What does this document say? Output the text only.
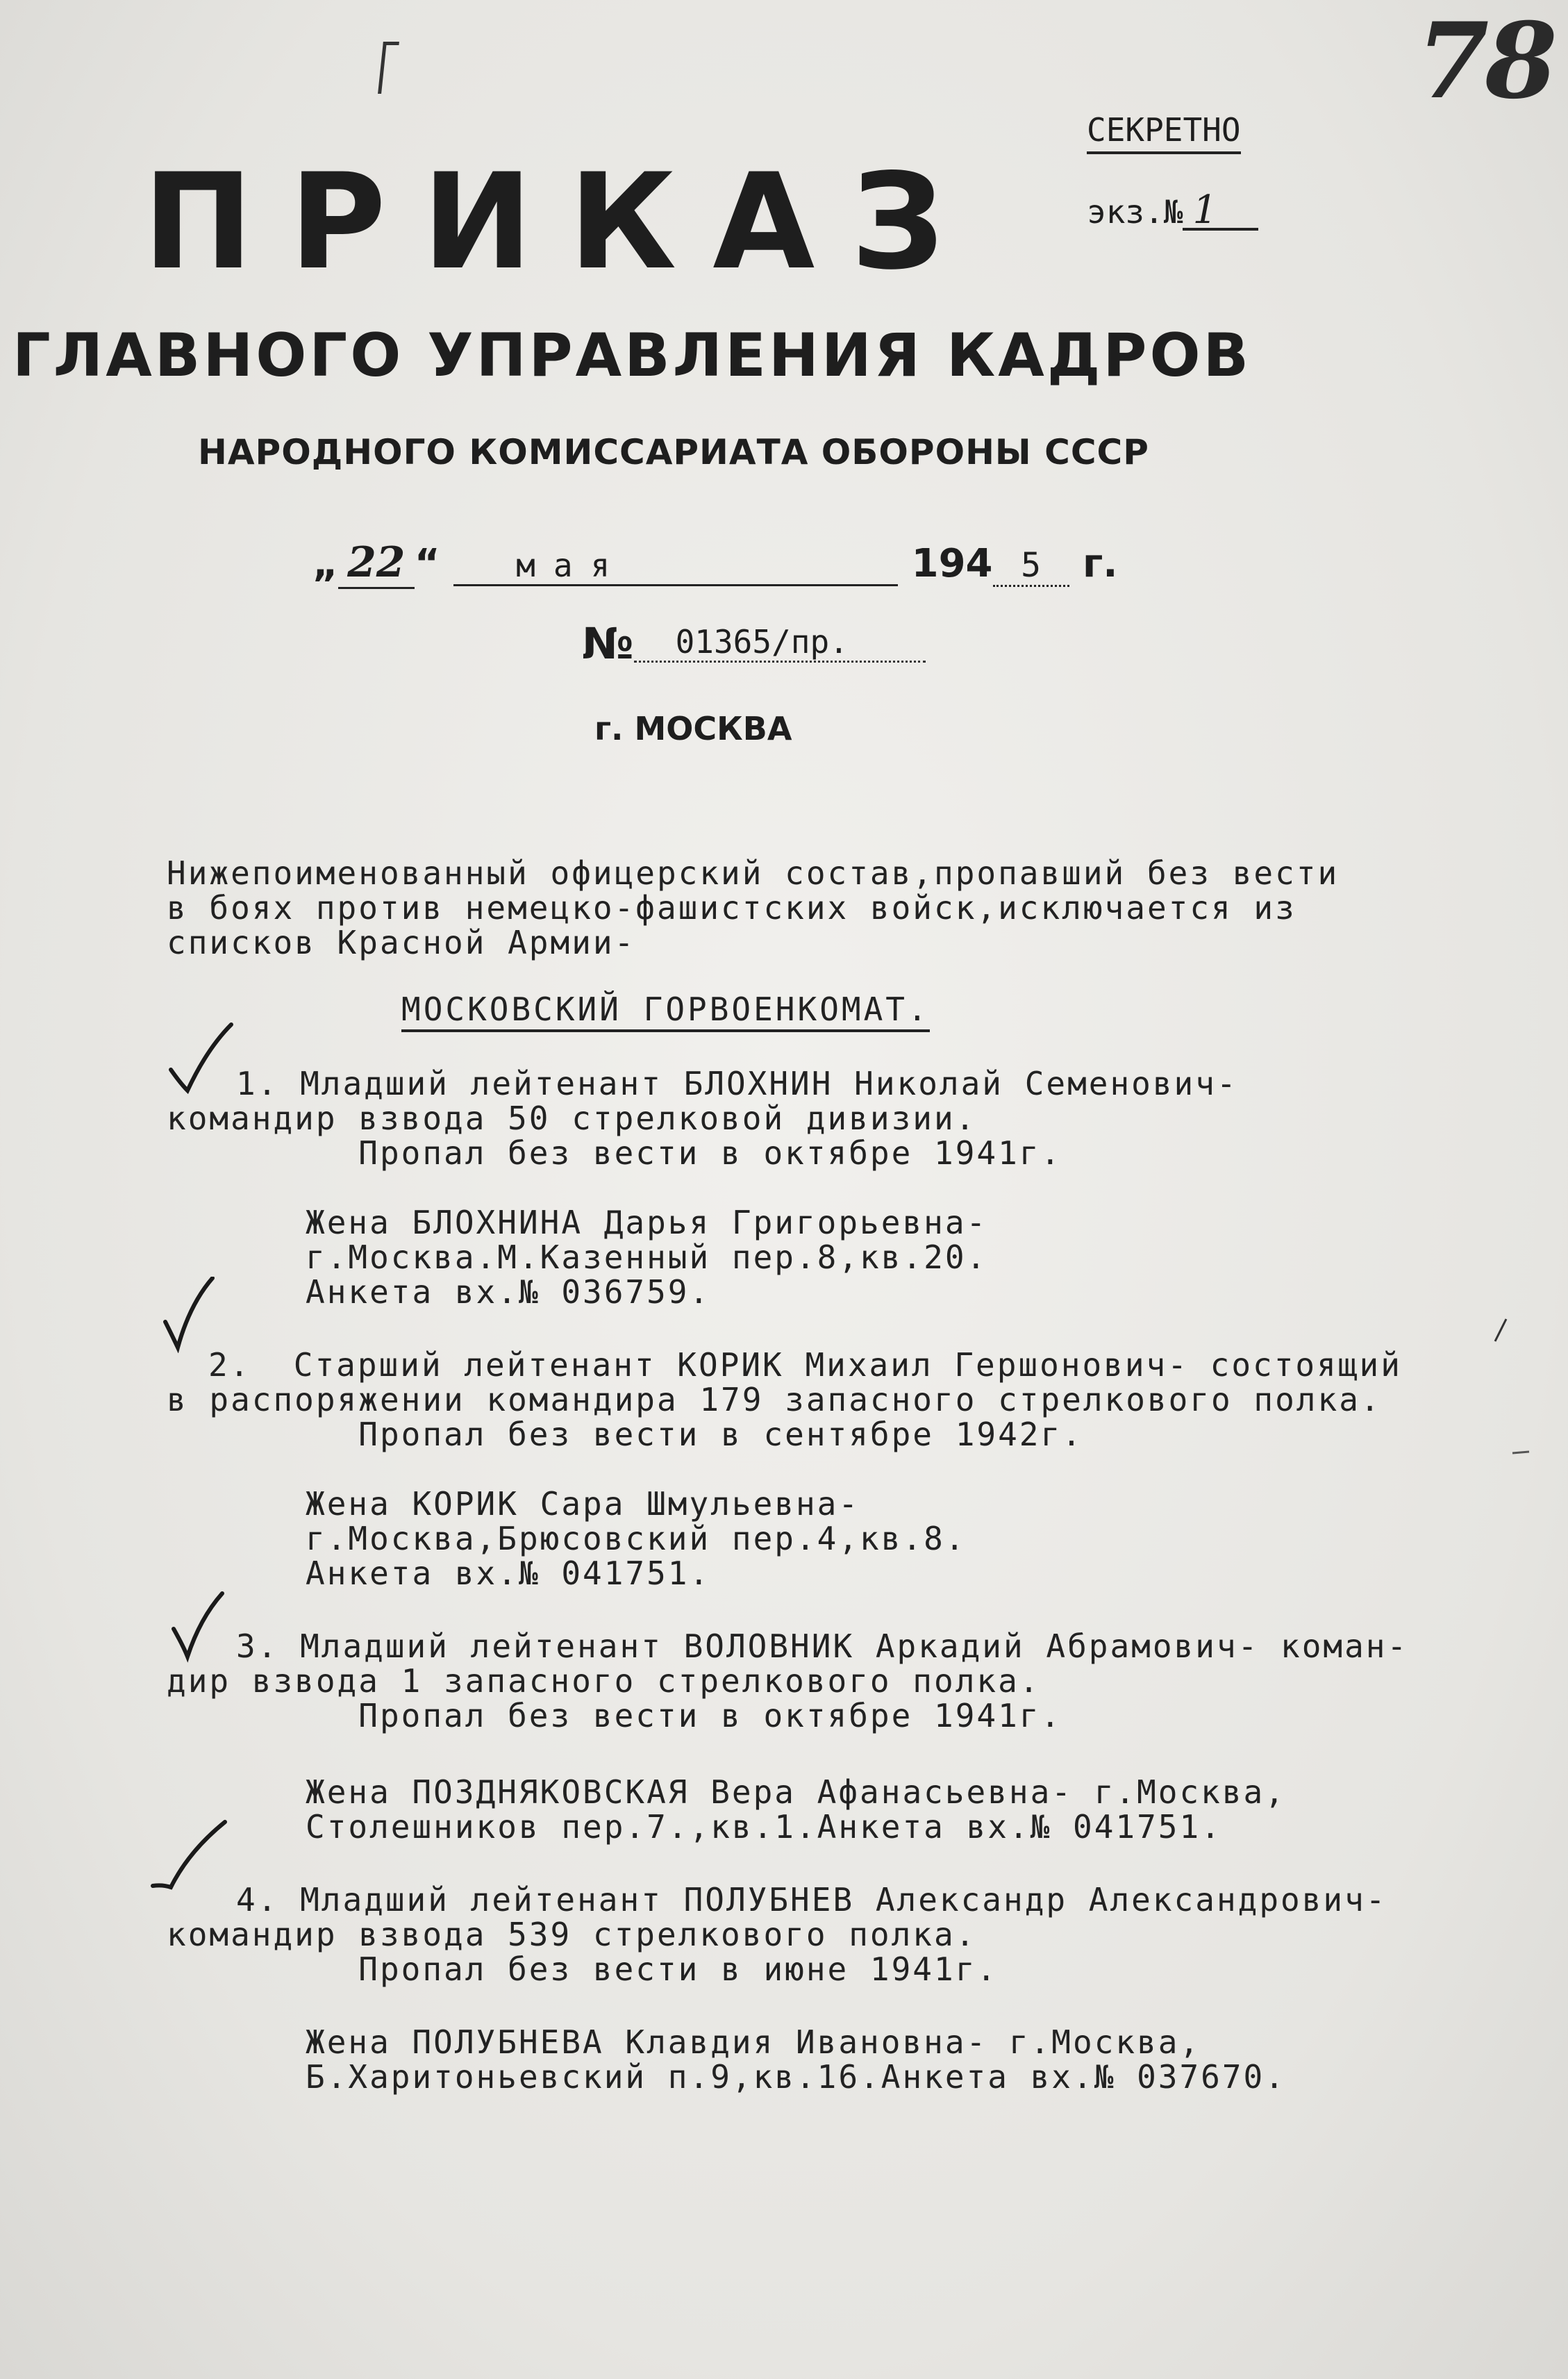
78
СЕКРЕТНО
экз.№ 1
ПРИКАЗ
ГЛАВНОГО УПРАВЛЕНИЯ КАДРОВ
НАРОДНОГО КОМИССАРИАТА ОБОРОНЫ СССР
„ 22 “ мая	194 5 г.
№ 01365/пр.
г. МОСКВА
Нижепоименованный офицерский состав,пропавший без вести
в боях против немецко-фашистских войск,исключается из
списков Красной Армии-
МОСКОВСКИЙ ГОРВОЕНКОМАТ.
1. Младший лейтенант БЛОХНИН Николай Семенович-
командир взвода 50 стрелковой дивизии.
Пропал без вести в октябре 1941г.
Жена БЛОХНИНА Дарья Григорьевна-
г.Москва.М.Казенный пер.8,кв.20.
Анкета вх.№ 036759.
2.  Старший лейтенант КОРИК Михаил Гершонович- состоящий
в распоряжении командира 179 запасного стрелкового полка.
Пропал без вести в сентябре 1942г.
Жена КОРИК Сара Шмульевна-
г.Москва,Брюсовский пер.4,кв.8.
Анкета вх.№ 041751.
3. Младший лейтенант ВОЛОВНИК Аркадий Абрамович- коман-
дир взвода 1 запасного стрелкового полка.
Пропал без вести в октябре 1941г.
Жена ПОЗДНЯКОВСКАЯ Вера Афанасьевна- г.Москва,
Столешников пер.7.,кв.1.Анкета вх.№ 041751.
4. Младший лейтенант ПОЛУБНЕВ Александр Александрович-
командир взвода 539 стрелкового полка.
Пропал без вести в июне 1941г.
Жена ПОЛУБНЕВА Клавдия Ивановна- г.Москва,
Б.Харитоньевский п.9,кв.16.Анкета вх.№ 037670.
